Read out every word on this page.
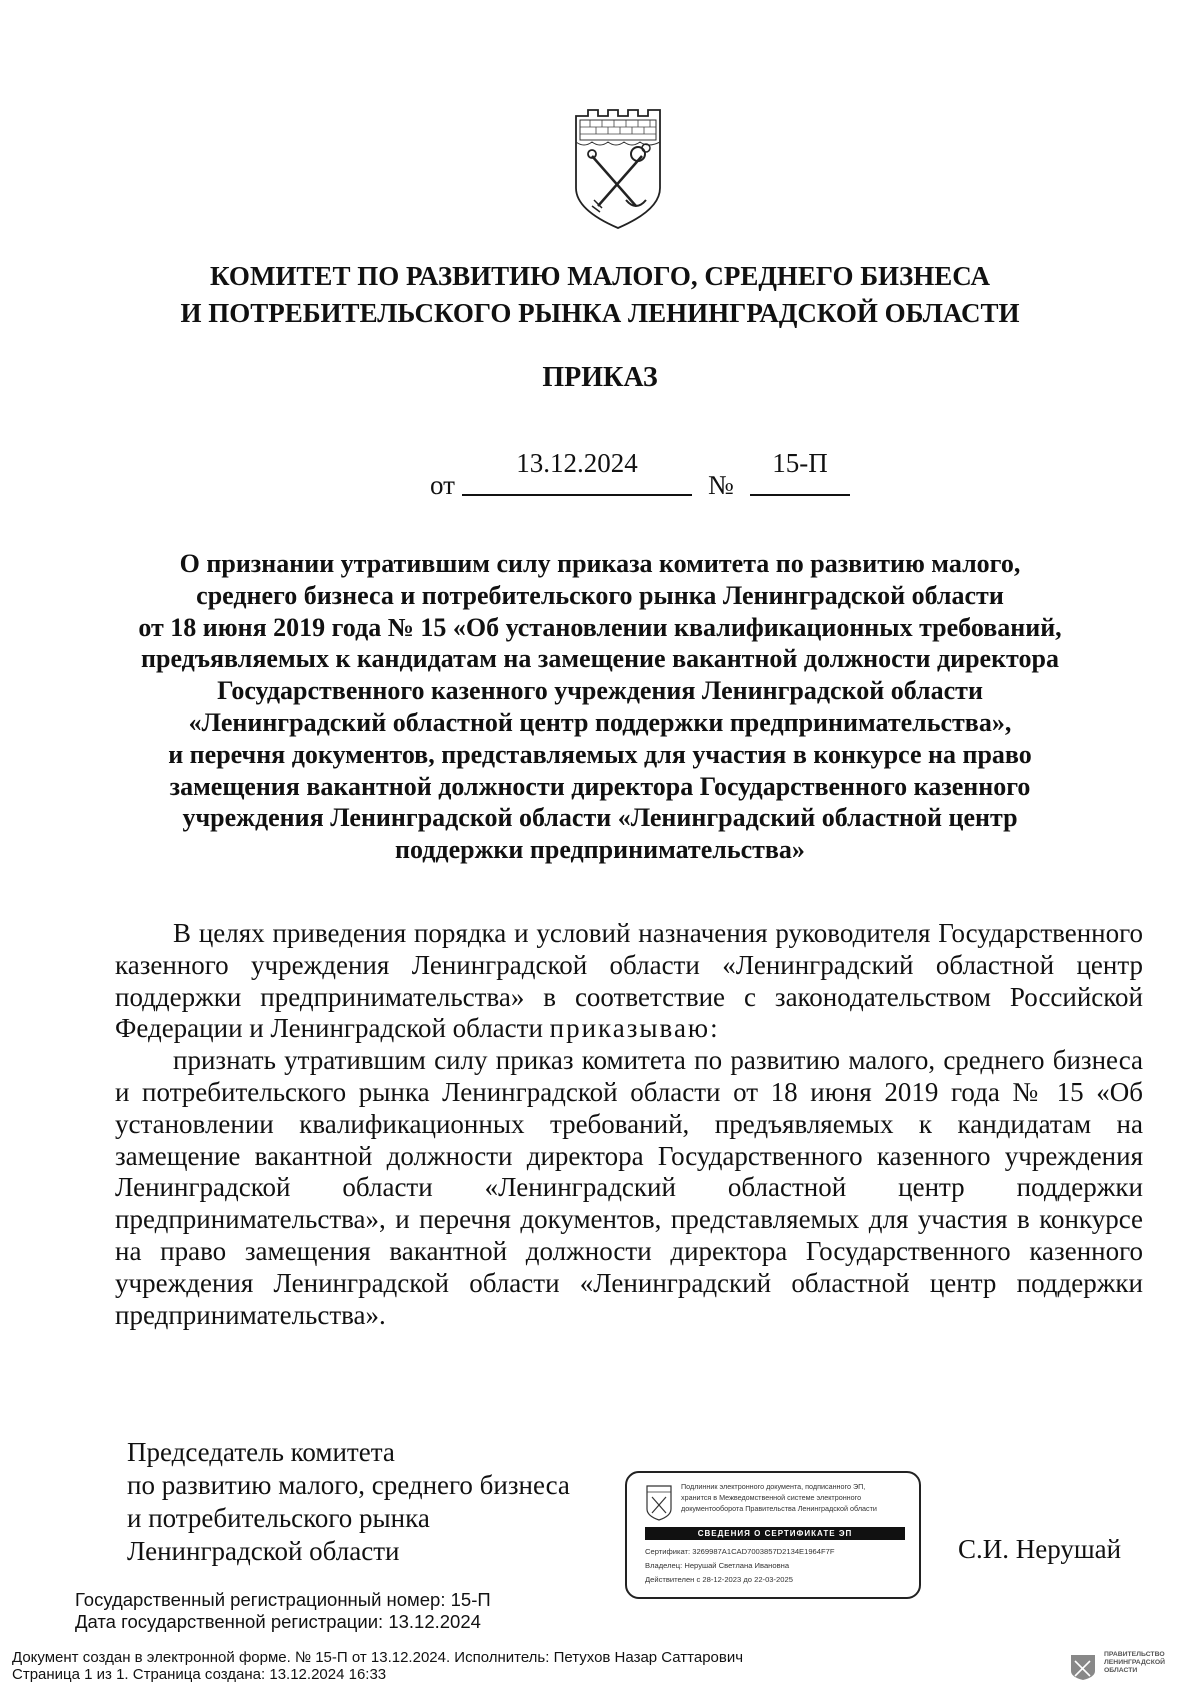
КОМИТЕТ ПО РАЗВИТИЮ МАЛОГО, СРЕДНЕГО БИЗНЕСА
И ПОТРЕБИТЕЛЬСКОГО РЫНКА ЛЕНИНГРАДСКОЙ ОБЛАСТИ
ПРИКАЗ
от
13.12.2024
№
15-П
О признании утратившим силу приказа комитета по развитию малого,
среднего бизнеса и потребительского рынка Ленинградской области
от 18 июня 2019 года № 15 «Об установлении квалификационных требований,
предъявляемых к кандидатам на замещение вакантной должности директора
Государственного казенного учреждения Ленинградской области
«Ленинградский областной центр поддержки предпринимательства»,
и перечня документов, представляемых для участия в конкурсе на право
замещения вакантной должности директора Государственного казенного
учреждения Ленинградской области «Ленинградский областной центр
поддержки предпринимательства»

В целях приведения порядка и условий назначения руководителя Государственного казенного учреждения Ленинградской области «Ленинградский областной центр поддержки предпринимательства» в соответствие с законодательством Российской Федерации и Ленинградской области приказываю:

признать утратившим силу приказ комитета по развитию малого, среднего бизнеса и потребительского рынка Ленинградской области от 18 июня 2019 года № 15 «Об установлении квалификационных требований, предъявляемых к кандидатам на замещение вакантной должности директора Государственного казенного учреждения Ленинградской области «Ленинградский областной центр поддержки предпринимательства», и перечня документов, представляемых для участия в конкурсе на право замещения вакантной должности директора Государственного казенного учреждения Ленинградской области «Ленинградский областной центр поддержки предпринимательства».

Председатель комитета
по развитию малого, среднего бизнеса
и потребительского рынка
Ленинградской области
Подлинник электронного документа, подписанного ЭП,
хранится в Межведомственной системе электронного
документооборота Правительства Ленинградской области
СВЕДЕНИЯ О СЕРТИФИКАТЕ ЭП
Сертификат: 3269987A1CAD7003857D2134E1964F7F
Владелец: Нерушай Светлана Ивановна
Действителен с 28-12-2023 до 22-03-2025
С.И. Нерушай
Государственный регистрационный номер: 15-П
Дата государственной регистрации: 13.12.2024
Документ создан в электронной форме. № 15-П от 13.12.2024. Исполнитель: Петухов Назар Саттарович
Страница 1 из 1. Страница создана: 13.12.2024 16:33
ПРАВИТЕЛЬСТВО
ЛЕНИНГРАДСКОЙ
ОБЛАСТИ
